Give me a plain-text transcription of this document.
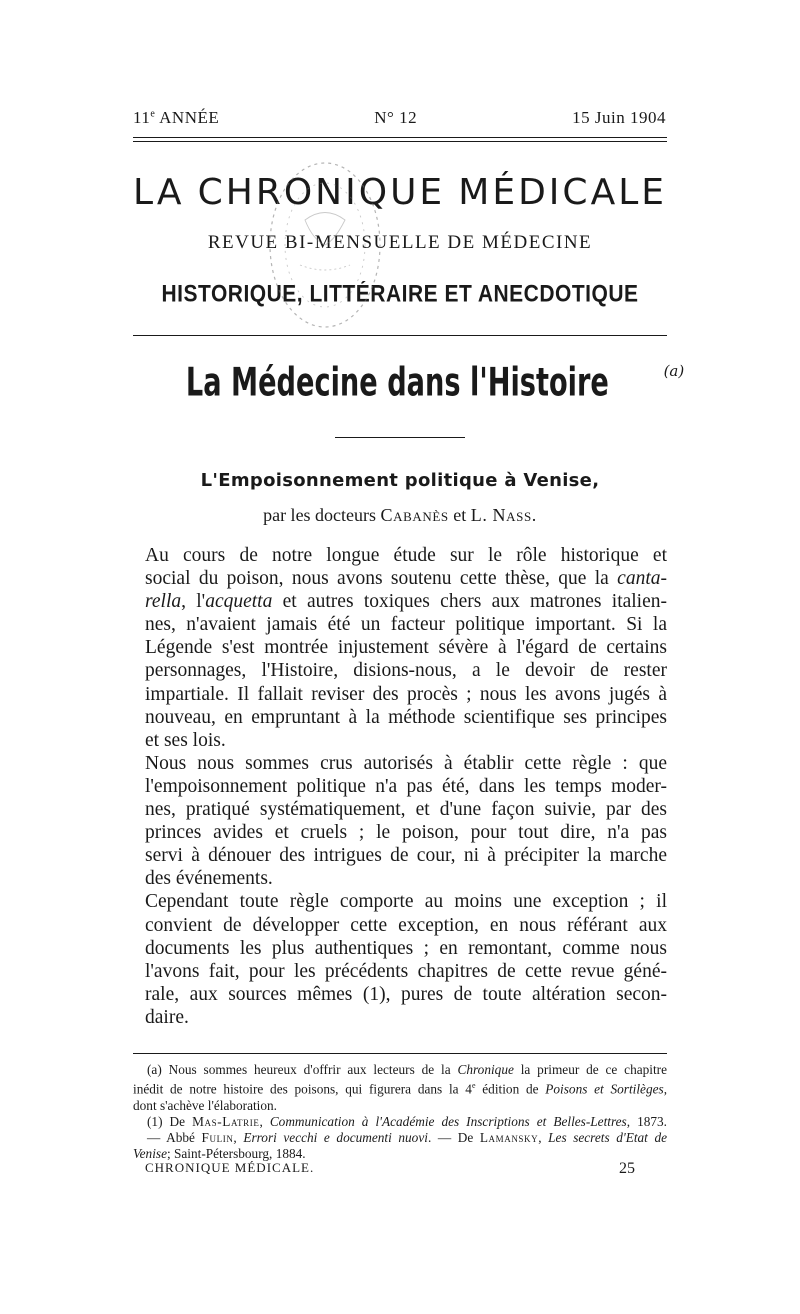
11e ANNÉE	N° 12	15 Juin 1904
LA CHRONIQUE MÉDICALE
REVUE BI-MENSUELLE DE MÉDECINE
HISTORIQUE, LITTÉRAIRE ET ANECDOTIQUE
La Médecine dans l'Histoire	$^{(a)}$
L'Empoisonnement politique à Venise,
par les docteurs Cabanès et L. Nass.
Au cours de notre longue étude sur le rôle historique et
social du poison, nous avons soutenu cette thèse, que la canta-
rella, l'acquetta et autres toxiques chers aux matrones italien-
nes, n'avaient jamais été un facteur politique important. Si la
Légende s'est montrée injustement sévère à l'égard de certains
personnages, l'Histoire, disions-nous, a le devoir de rester
impartiale. Il fallait reviser des procès ; nous les avons jugés à
nouveau, en empruntant à la méthode scientifique ses principes
et ses lois.
Nous nous sommes crus autorisés à établir cette règle : que
l'empoisonnement politique n'a pas été, dans les temps moder-
nes, pratiqué systématiquement, et d'une façon suivie, par des
princes avides et cruels ; le poison, pour tout dire, n'a pas
servi à dénouer des intrigues de cour, ni à précipiter la marche
des événements.
Cependant toute règle comporte au moins une exception ; il
convient de développer cette exception, en nous référant aux
documents les plus authentiques ; en remontant, comme nous
l'avons fait, pour les précédents chapitres de cette revue géné-
rale, aux sources mêmes (1), pures de toute altération secon-
daire.
(a) Nous sommes heureux d'offrir aux lecteurs de la Chronique la primeur de ce chapitre
inédit de notre histoire des poisons, qui figurera dans la 4e édition de Poisons et Sortilèges,
dont s'achève l'élaboration.
(1) De Mas-Latrie, Communication à l'Académie des Inscriptions et Belles-Lettres, 1873.
— Abbé Fulin, Errori vecchi e documenti nuovi. — De Lamansky, Les secrets d'Etat de
Venise; Saint-Pétersbourg, 1884.
CHRONIQUE MÉDICALE.	25
